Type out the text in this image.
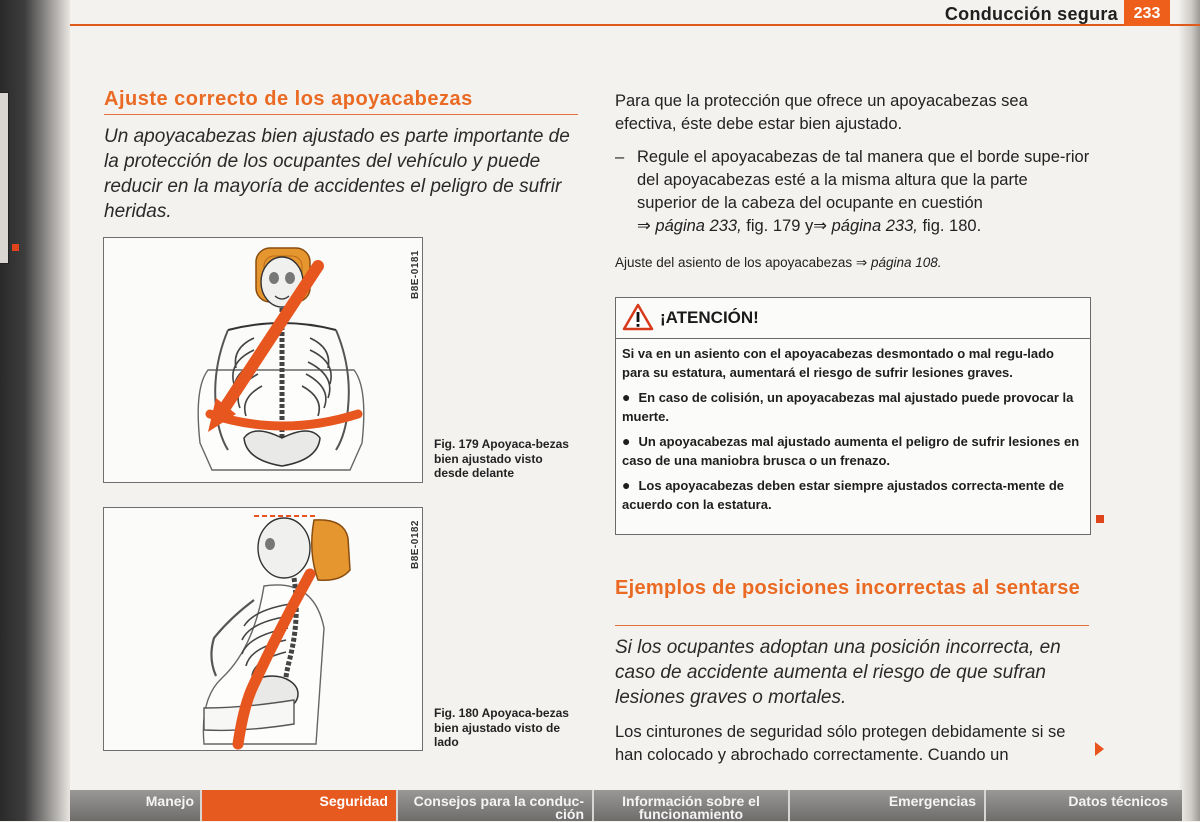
Conducción segura 233
Ajuste correcto de los apoyacabezas
Un apoyacabezas bien ajustado es parte importante de la protección de los ocupantes del vehículo y puede reducir en la mayoría de accidentes el peligro de sufrir heridas.
B8E-0181
Fig. 179 Apoyaca-bezas bien ajustado visto desde delante
B8E-0182
Fig. 180 Apoyaca-bezas bien ajustado visto de lado
Para que la protección que ofrece un apoyacabezas sea efectiva, éste debe estar bien ajustado.
– Regule el apoyacabezas de tal manera que el borde supe-rior del apoyacabezas esté a la misma altura que la parte superior de la cabeza del ocupante en cuestión
⇒ página 233, fig. 179 y⇒ página 233, fig. 180.
Ajuste del asiento de los apoyacabezas ⇒ página 108.
¡ATENCIÓN!

Si va en un asiento con el apoyacabezas desmontado o mal regu-lado para su estatura, aumentará el riesgo de sufrir lesiones graves.

● En caso de colisión, un apoyacabezas mal ajustado puede provocar la muerte.

● Un apoyacabezas mal ajustado aumenta el peligro de sufrir lesiones en caso de una maniobra brusca o un frenazo.

● Los apoyacabezas deben estar siempre ajustados correcta-mente de acuerdo con la estatura.

Ejemplos de posiciones incorrectas al sentarse
Si los ocupantes adoptan una posición incorrecta, en caso de accidente aumenta el riesgo de que sufran lesiones graves o mortales.
Los cinturones de seguridad sólo protegen debidamente si se han colocado y abrochado correctamente. Cuando un
Manejo	Seguridad	Consejos para la conduc-
ción
Información sobre el
funcionamiento
Emergencias	Datos técnicos
